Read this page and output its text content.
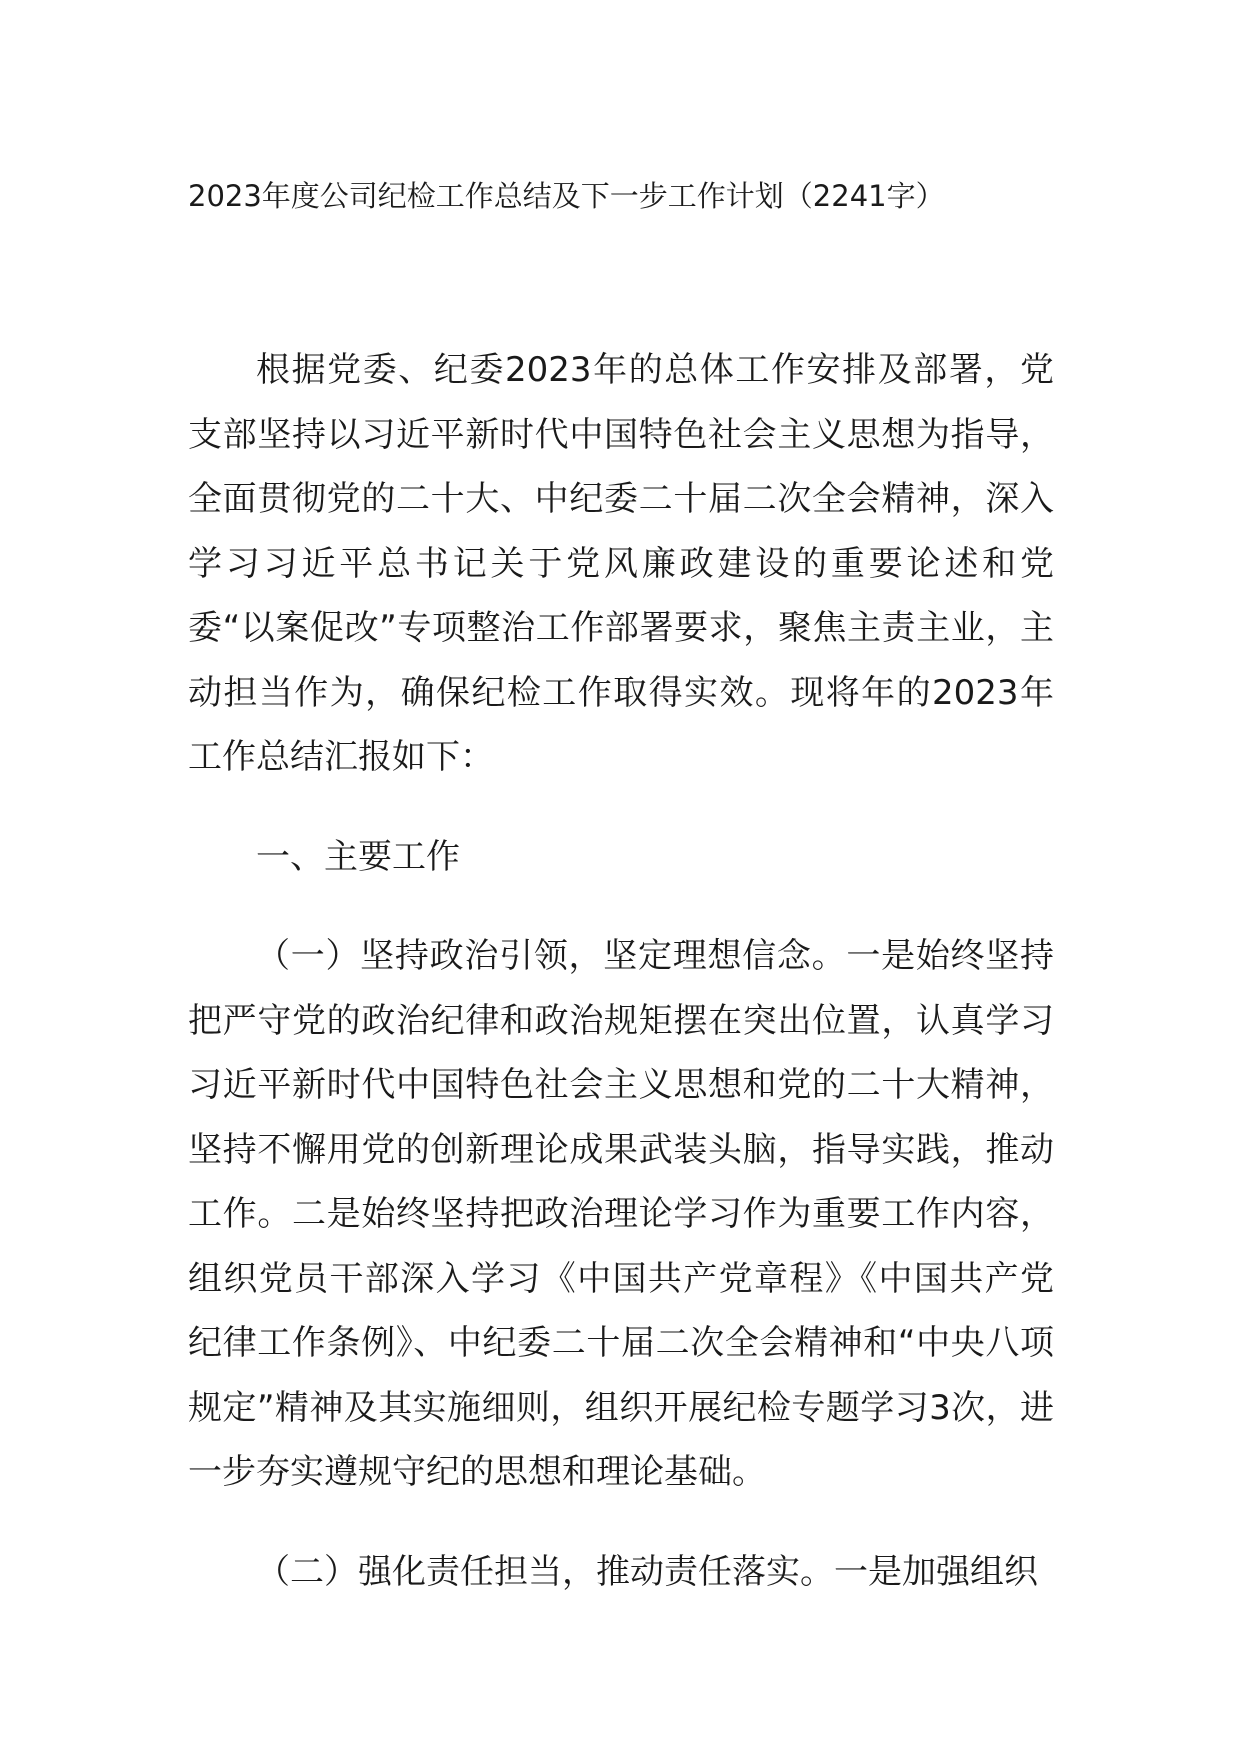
2023年度公司纪检工作总结及下一步工作计划（2241字）

根据党委、纪委2023年的总体工作安排及部署，党支部坚持以习近平新时代中国特色社会主义思想为指导，全面贯彻党的二十大、中纪委二十届二次全会精神，深入学习习近平总书记关于党风廉政建设的重要论述和党委“以案促改”专项整治工作部署要求，聚焦主责主业，主动担当作为，确保纪检工作取得实效。现将年的2023年工作总结汇报如下：

一、主要工作

（一）坚持政治引领，坚定理想信念。一是始终坚持把严守党的政治纪律和政治规矩摆在突出位置，认真学习习近平新时代中国特色社会主义思想和党的二十大精神，坚持不懈用党的创新理论成果武装头脑，指导实践，推动工作。二是始终坚持把政治理论学习作为重要工作内容，组织党员干部深入学习《中国共产党章程》《中国共产党纪律工作条例》、中纪委二十届二次全会精神和“中央八项规定”精神及其实施细则，组织开展纪检专题学习3次，进一步夯实遵规守纪的思想和理论基础。

（二）强化责任担当，推动责任落实。一是加强组织
